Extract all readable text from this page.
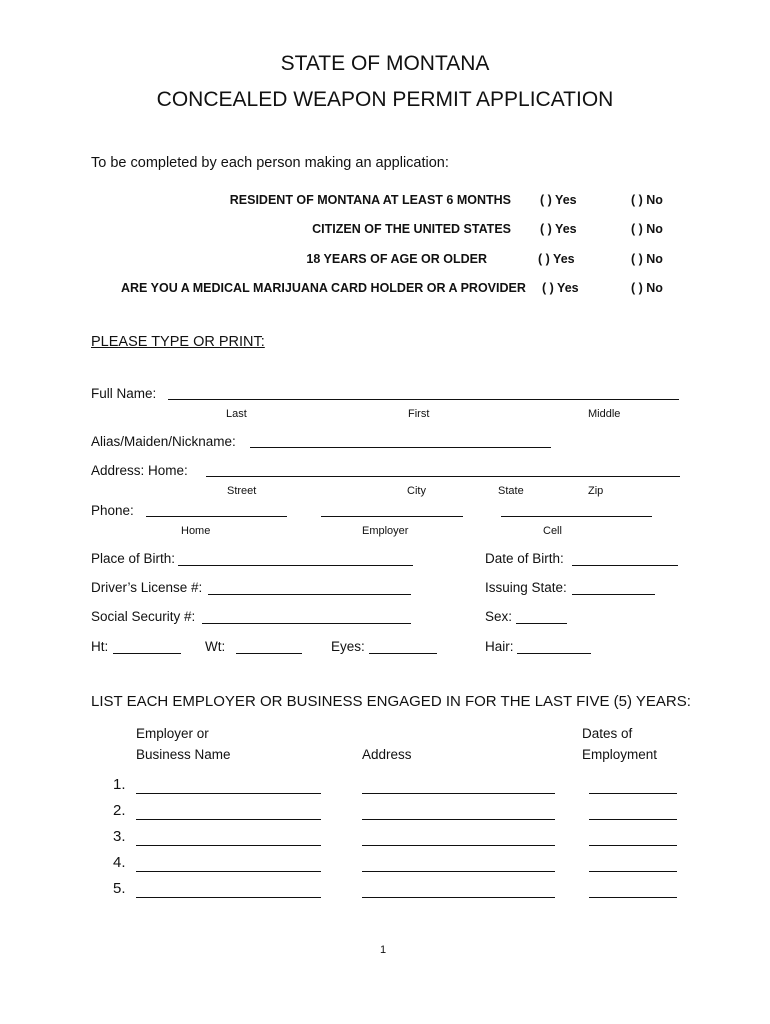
STATE OF MONTANA
CONCEALED WEAPON PERMIT APPLICATION
To be completed by each person making an application:
RESIDENT OF MONTANA AT LEAST 6 MONTHS ( ) Yes	( ) No
CITIZEN OF THE UNITED STATES ( ) Yes	( ) No
18 YEARS OF AGE OR OLDER	( ) Yes	( ) No
ARE YOU A MEDICAL MARIJUANA CARD HOLDER OR A PROVIDER ( ) Yes	( ) No
PLEASE TYPE OR PRINT:
Full Name:
Last	First	Middle
Alias/Maiden/Nickname:
Address: Home:
Street	City	State	Zip
Phone:
Home	Employer	Cell
Place of Birth:	Date of Birth:
Driver’s License #:	Issuing State:
Social Security #:	Sex:
Ht:	Wt:	Eyes:	Hair:
LIST EACH EMPLOYER OR BUSINESS ENGAGED IN FOR THE LAST FIVE (5) YEARS:
Employer or
Business Name	Address
Dates of
Employment
1.
2.
3.
4.
5.
1
